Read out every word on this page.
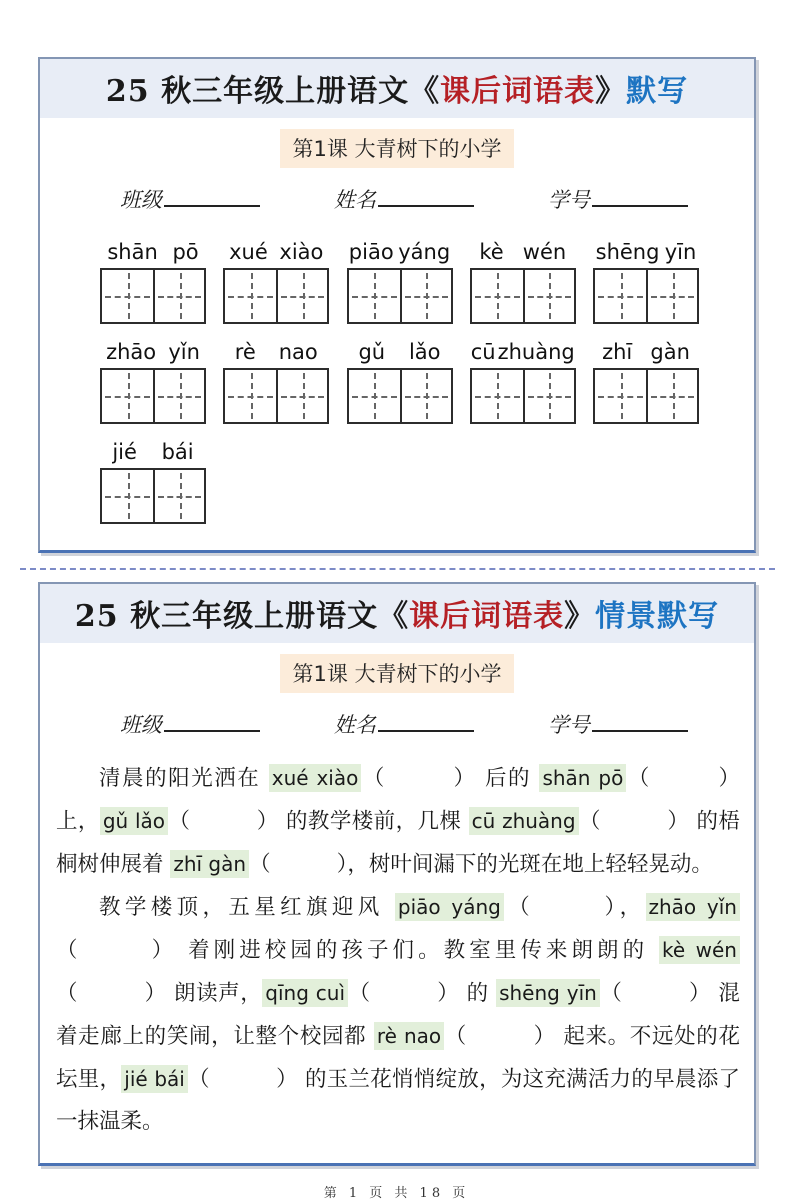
25 秋三年级上册语文《课后词语表》默写
第1课 大青树下的小学
班级	姓名	学号
shān pō xué xiào piāo yáng kè wén shēng yīn
zhāo yǐn rè nao gǔ lǎo cū zhuàng zhī gàn
jié bái
25 秋三年级上册语文《课后词语表》情景默写
第1课 大青树下的小学
班级	姓名	学号

清晨的阳光洒在 xué xiào （	） 后的 shān pō （	） 上， gǔ lǎo （	） 的教学楼前，几棵 cū zhuàng （	） 的梧桐树伸展着 zhī gàn （	），树叶间漏下的光斑在地上轻轻晃动。

教学楼顶，五星红旗迎风 piāo yáng （	）， zhāo yǐn（	） 着刚进校园的孩子们。教室里传来朗朗的 kè wén（	） 朗读声， qīng cuì （	） 的 shēng yīn （	） 混着走廊上的笑闹，让整个校园都 rè nao （	） 起来。不远处的花坛里， jié bái （	） 的玉兰花悄悄绽放，为这充满活力的早晨添了一抹温柔。

第 1 页 共 18 页
